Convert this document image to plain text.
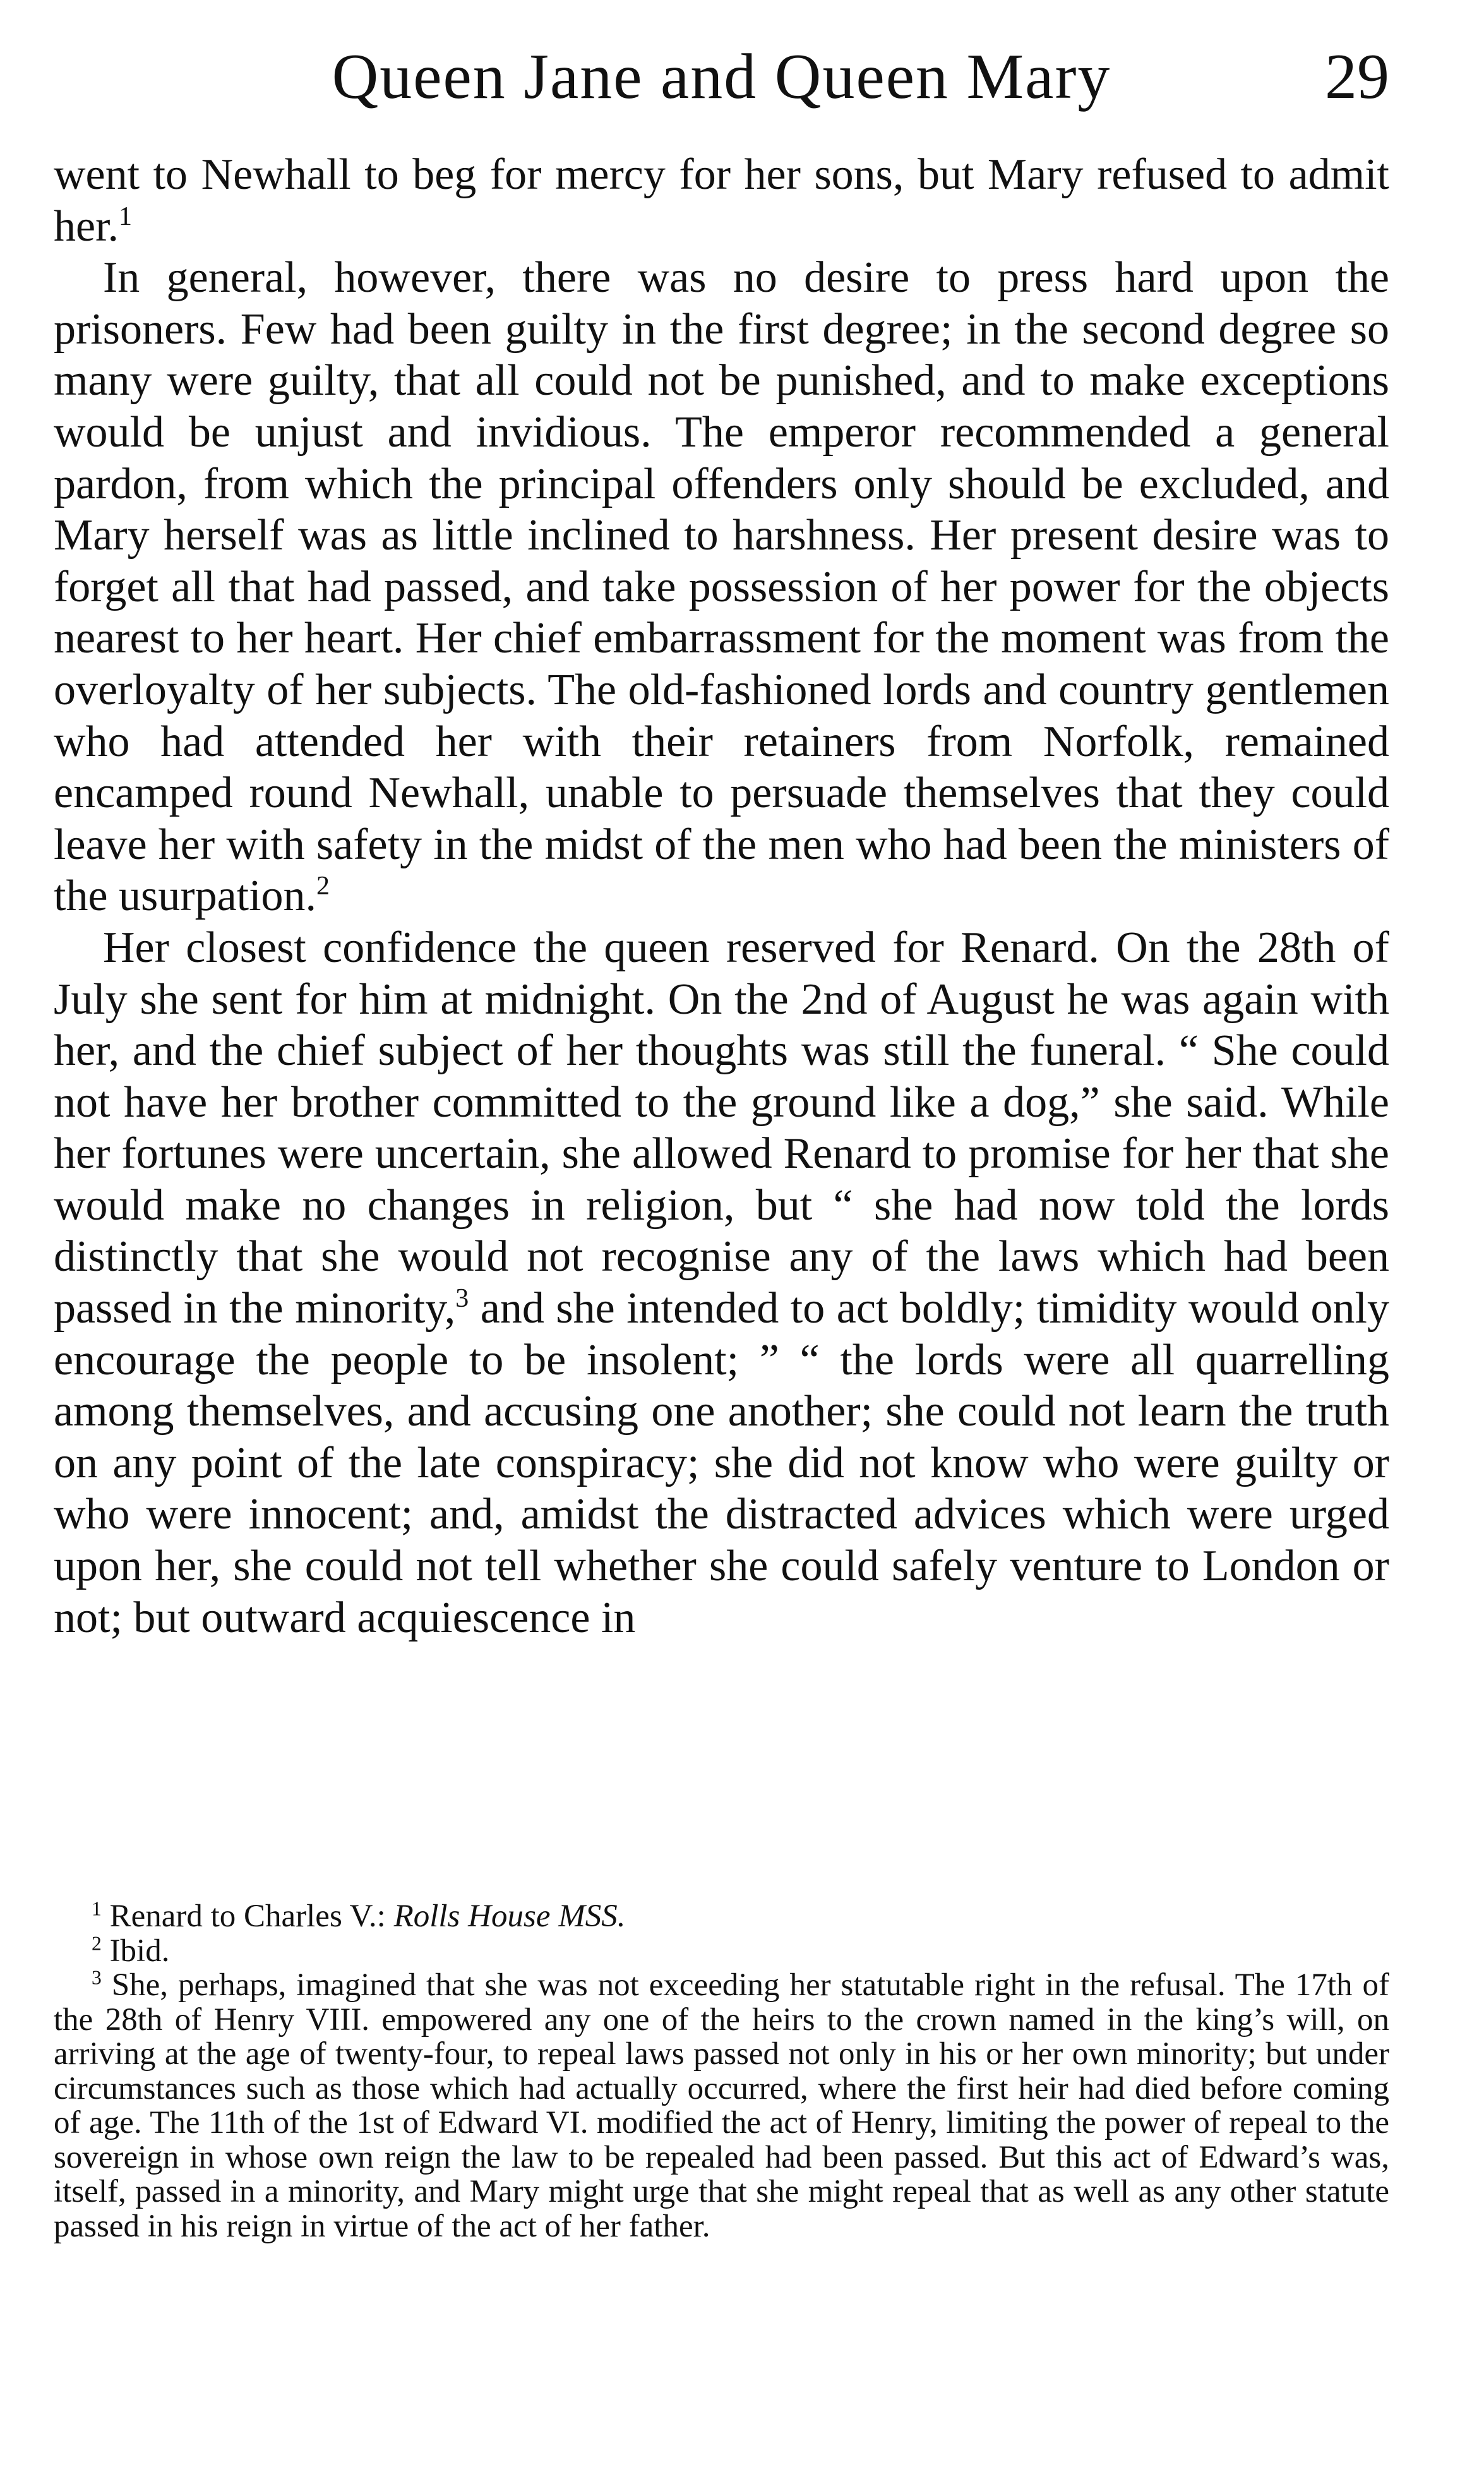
Queen Jane and Queen Mary	29

went to Newhall to beg for mercy for her sons, but Mary refused to admit her.$^1$

In general, however, there was no desire to press hard upon the prisoners. Few had been guilty in the first degree; in the second degree so many were guilty, that all could not be punished, and to make exceptions would be unjust and invidious. The emperor recommended a general pardon, from which the principal offenders only should be excluded, and Mary herself was as little inclined to harshness. Her present desire was to forget all that had passed, and take possession of her power for the objects nearest to her heart. Her chief embarrassment for the moment was from the overloyalty of her subjects. The old-fashioned lords and country gentlemen who had attended her with their retainers from Norfolk, remained encamped round Newhall, unable to persuade themselves that they could leave her with safety in the midst of the men who had been the ministers of the usurpation.$^2$

Her closest confidence the queen reserved for Renard. On the 28th of July she sent for him at midnight. On the 2nd of August he was again with her, and the chief subject of her thoughts was still the funeral. “ She could not have her brother committed to the ground like a dog,” she said. While her fortunes were uncertain, she allowed Renard to promise for her that she would make no changes in religion, but “ she had now told the lords distinctly that she would not recognise any of the laws which had been passed in the minority,$^3$ and she intended to act boldly; timidity would only encourage the people to be insolent; ” “ the lords were all quarrelling among themselves, and accusing one another; she could not learn the truth on any point of the late conspiracy; she did not know who were guilty or who were innocent; and, amidst the distracted advices which were urged upon her, she could not tell whether she could safely venture to London or not; but outward acquiescence in

$^1$ Renard to Charles V.: Rolls House MSS.

$^2$ Ibid.

$^3$ She, perhaps, imagined that she was not exceeding her statutable right in the refusal. The 17th of the 28th of Henry VIII. empowered any one of the heirs to the crown named in the king’s will, on arriving at the age of twenty-four, to repeal laws passed not only in his or her own minority; but under circumstances such as those which had actually occurred, where the first heir had died before coming of age. The 11th of the 1st of Edward VI. modified the act of Henry, limiting the power of repeal to the sovereign in whose own reign the law to be repealed had been passed. But this act of Edward’s was, itself, passed in a minority, and Mary might urge that she might repeal that as well as any other statute passed in his reign in virtue of the act of her father.
